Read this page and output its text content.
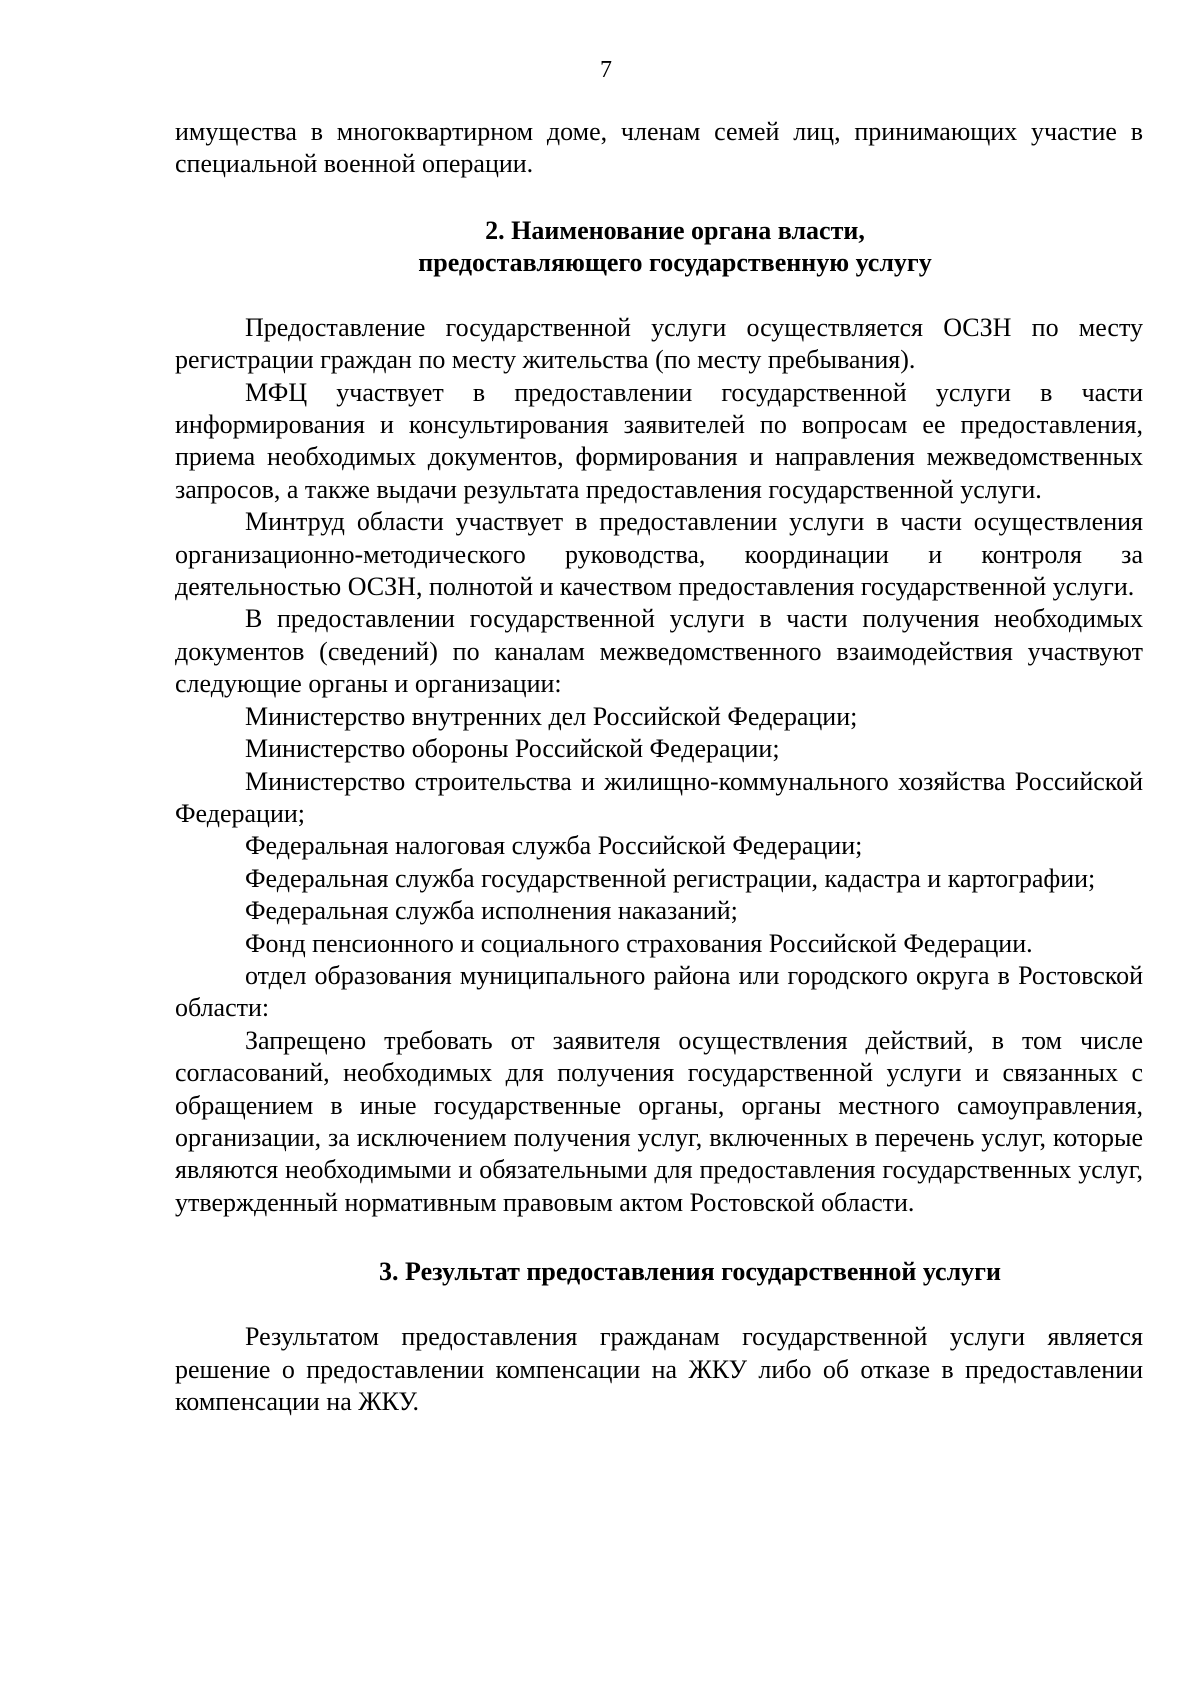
7

имущества в многоквартирном доме, членам семей лиц, принимающих участие в специальной военной операции.

2. Наименование органа власти,
предоставляющего государственную услугу

Предоставление государственной услуги осуществляется ОСЗН по месту регистрации граждан по месту жительства (по месту пребывания).

МФЦ участвует в предоставлении государственной услуги в части информирования и консультирования заявителей по вопросам ее предоставления, приема необходимых документов, формирования и направления межведомственных запросов, а также выдачи результата предоставления государственной услуги.

Минтруд области участвует в предоставлении услуги в части осуществления организационно-методического руководства, координации и контроля за деятельностью ОСЗН, полнотой и качеством предоставления государственной услуги.

В предоставлении государственной услуги в части получения необходимых документов (сведений) по каналам межведомственного взаимодействия участвуют следующие органы и организации:

Министерство внутренних дел Российской Федерации;

Министерство обороны Российской Федерации;

Министерство строительства и жилищно-коммунального хозяйства Российской Федерации;

Федеральная налоговая служба Российской Федерации;

Федеральная служба государственной регистрации, кадастра и картографии;

Федеральная служба исполнения наказаний;

Фонд пенсионного и социального страхования Российской Федерации.

отдел образования муниципального района или городского округа в Ростовской области:

Запрещено требовать от заявителя осуществления действий, в том числе согласований, необходимых для получения государственной услуги и связанных с обращением в иные государственные органы, органы местного самоуправления, организации, за исключением получения услуг, включенных в перечень услуг, которые являются необходимыми и обязательными для предоставления государственных услуг, утвержденный нормативным правовым актом Ростовской области.

3. Результат предоставления государственной услуги

Результатом предоставления гражданам государственной услуги является решение о предоставлении компенсации на ЖКУ либо об отказе в предоставлении компенсации на ЖКУ.
